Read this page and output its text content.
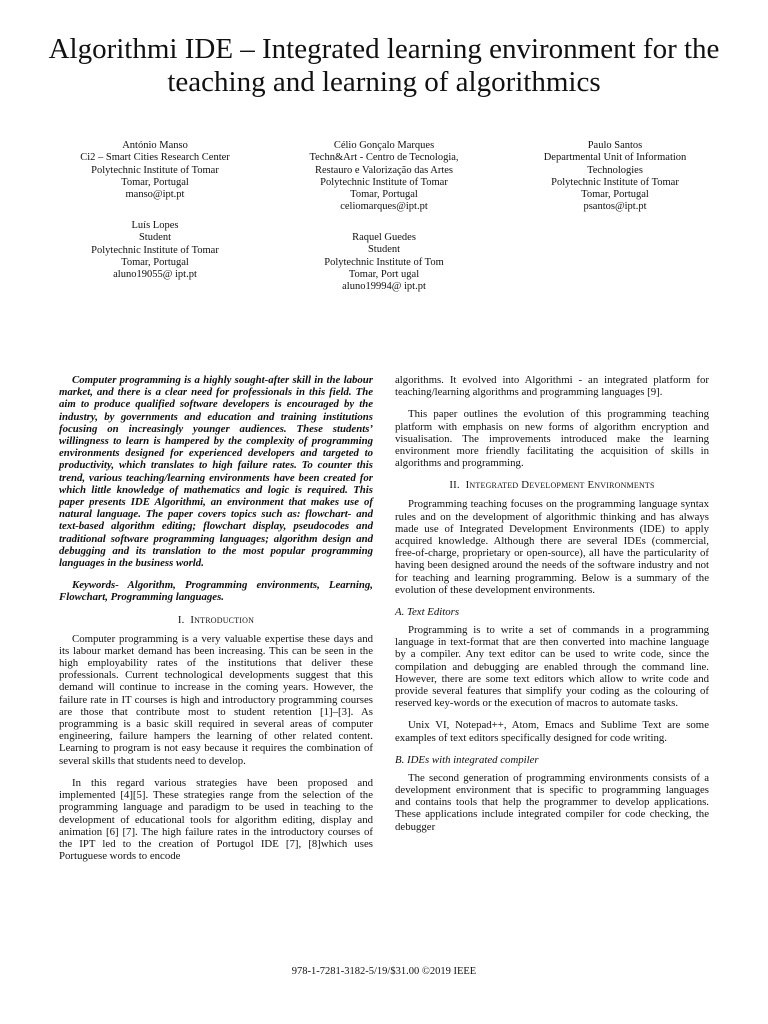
Algorithmi IDE – Integrated learning environment for the teaching and learning of algorithmics
António Manso
Ci2 – Smart Cities Research Center
Polytechnic Institute of Tomar
Tomar, Portugal
manso@ipt.pt
Célio Gonçalo Marques
Techn&Art - Centro de Tecnologia,
Restauro e Valorização das Artes
Polytechnic Institute of Tomar
Tomar, Portugal
celiomarques@ipt.pt
Paulo Santos
Departmental Unit of Information
Technologies
Polytechnic Institute of Tomar
Tomar, Portugal
psantos@ipt.pt
Luís Lopes
Student
Polytechnic Institute of Tomar
Tomar, Portugal
aluno19055@ ipt.pt
Raquel Guedes
Student
Polytechnic Institute of Tom
Tomar, Port ugal
aluno19994@ ipt.pt

Computer programming is a highly sought-after skill in the labour market, and there is a clear need for professionals in this field. The aim to produce qualified software developers is encouraged by the industry, by governments and education and training institutions focusing on increasingly younger audiences. These students’ willingness to learn is hampered by the complexity of programming environments designed for experienced developers and targeted to productivity, which translates to high failure rates. To counter this trend, various teaching/learning environments have been created for which little knowledge of mathematics and logic is required. This paper presents IDE Algorithmi, an environment that makes use of natural language. The paper covers topics such as: flowchart- and text-based algorithm editing; flowchart display, pseudocodes and traditional software programming languages; algorithm design and debugging and its translation to the most popular programming languages in the business world.

Keywords- Algorithm, Programming environments, Learning, Flowchart, Programming languages.

I. Introduction

Computer programming is a very valuable expertise these days and its labour market demand has been increasing. This can be seen in the high employability rates of the institutions that deliver these professionals. Current technological developments suggest that this demand will continue to increase in the coming years. However, the failure rate in IT courses is high and introductory programming courses are those that contribute most to student retention [1]–[3]. As programming is a basic skill required in several areas of computer engineering, failure hampers the learning of other related content. Learning to program is not easy because it requires the combination of several skills that students need to develop.

In this regard various strategies have been proposed and implemented [4][5]. These strategies range from the selection of the programming language and paradigm to be used in teaching to the development of educational tools for algorithm editing, display and animation [6] [7]. The high failure rates in the introductory courses of the IPT led to the creation of Portugol IDE [7], [8]which uses Portuguese words to encode

algorithms. It evolved into Algorithmi - an integrated platform for teaching/learning algorithms and programming languages [9].

This paper outlines the evolution of this programming teaching platform with emphasis on new forms of algorithm encryption and visualisation. The improvements introduced make the learning environment more friendly facilitating the acquisition of skills in algorithms and programming.

II. Integrated Development Environments

Programming teaching focuses on the programming language syntax rules and on the development of algorithmic thinking and has always made use of Integrated Development Environments (IDE) to apply acquired knowledge. Although there are several IDEs (commercial, free-of-charge, proprietary or open-source), all have the particularity of having been designed around the needs of the software industry and not for teaching and learning programming. Below is a summary of the evolution of these development environments.

A. Text Editors

Programming is to write a set of commands in a programming language in text-format that are then converted into machine language by a compiler. Any text editor can be used to write code, since the compilation and debugging are enabled through the command line. However, there are some text editors which allow to write code and provide several features that simplify your coding as the colouring of reserved key-words or the execution of macros to automate tasks.

Unix VI, Notepad++, Atom, Emacs and Sublime Text are some examples of text editors specifically designed for code writing.

B. IDEs with integrated compiler

The second generation of programming environments consists of a development environment that is specific to programming languages and contains tools that help the programmer to develop applications. These applications include integrated compiler for code checking, the debugger

978-1-7281-3182-5/19/$31.00 ©2019 IEEE
